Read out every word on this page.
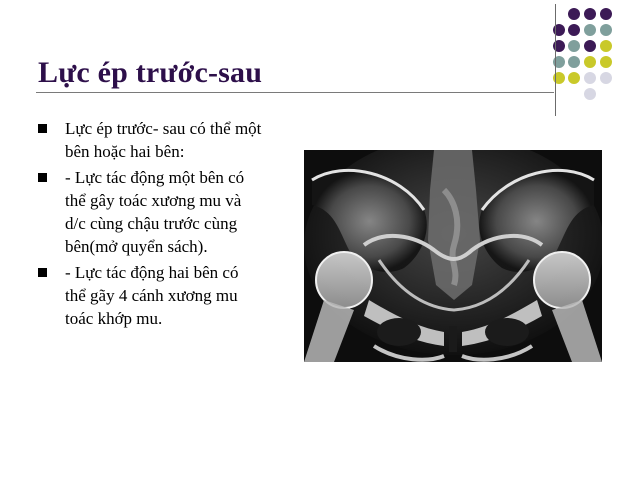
Lực ép trước-sau
Lực ép trước- sau có thể một
bên hoặc hai bên:
- Lực tác động một bên có
thể gây toác xương mu và
d/c cùng chậu trước cùng
bên(mở quyển sách).
- Lực tác động hai bên có
thể gãy 4 cánh xương mu
toác khớp mu.
